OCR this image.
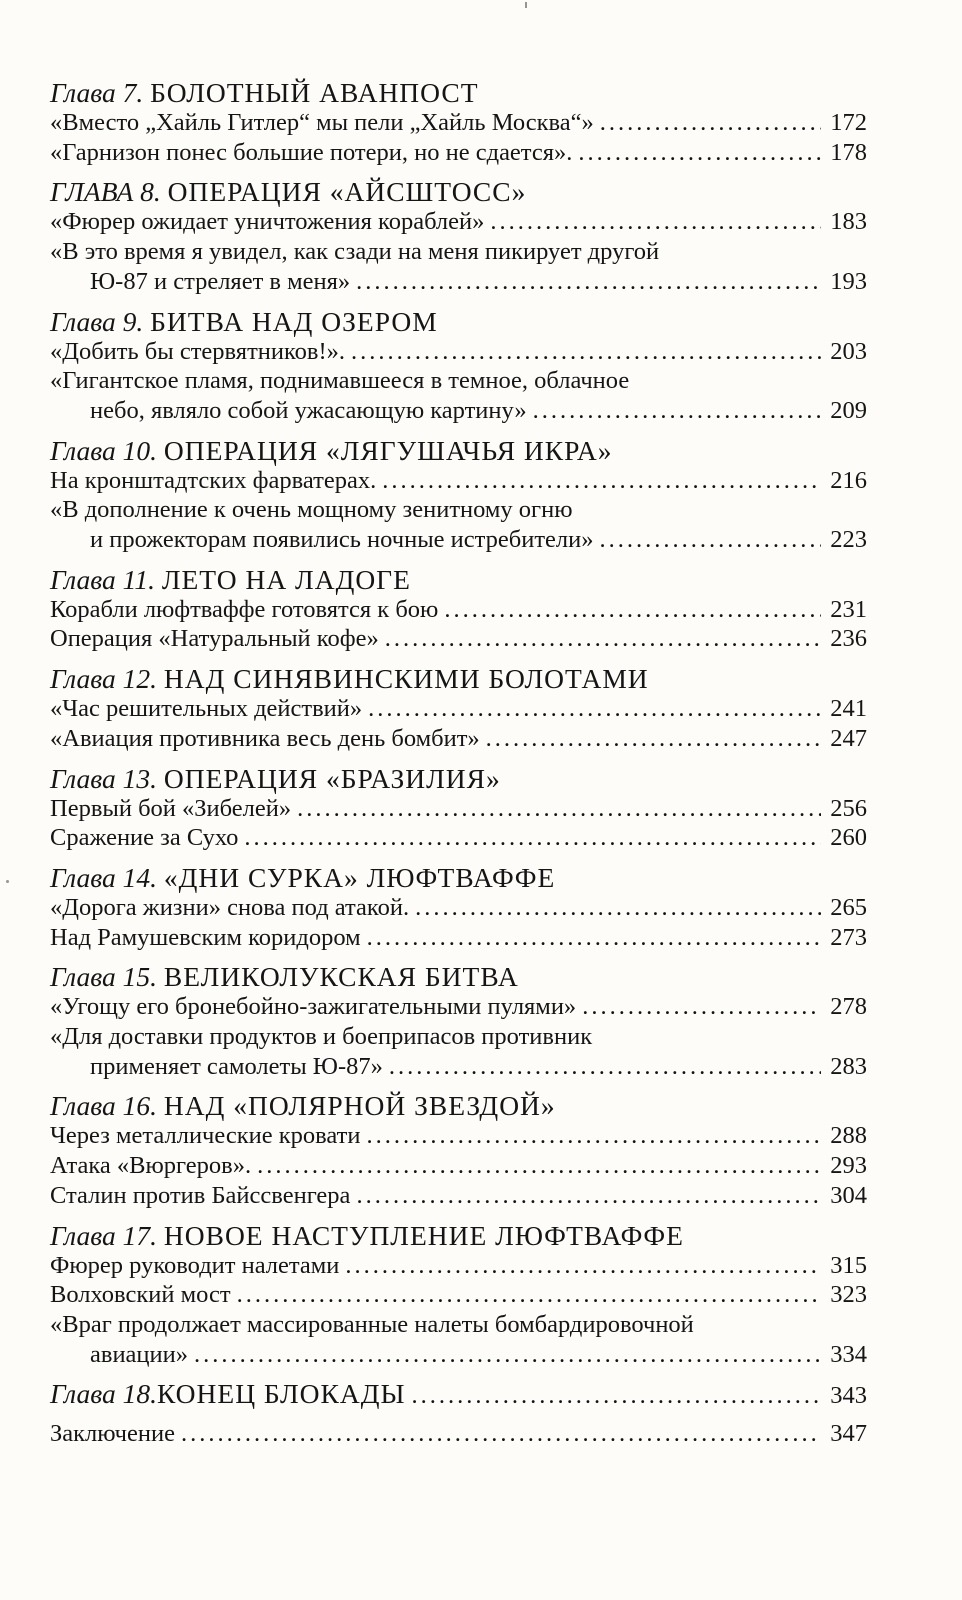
Глава 7. БОЛОТНЫЙ АВАНПОСТ
«Вместо „Хайль Гитлер“ мы пели „Хайль Москва“» .....	172
«Гарнизон понес большие потери, но не сдается». .....	178
ГЛАВА 8. ОПЕРАЦИЯ «АЙСШТОСС»
«Фюрер ожидает уничтожения кораблей» .....	183
«В это время я увидел, как сзади на меня пикирует другой
Ю-87 и стреляет в меня» .....	193
Глава 9. БИТВА НАД ОЗЕРОМ
«Добить бы стервятников!». .....	203
«Гигантское пламя, поднимавшееся в темное, облачное
небо, являло собой ужасающую картину» .....	209
Глава 10. ОПЕРАЦИЯ «ЛЯГУШАЧЬЯ ИКРА»
На кронштадтских фарватерах. .....	216
«В дополнение к очень мощному зенитному огню
и прожекторам появились ночные истребители» .....	223
Глава 11. ЛЕТО НА ЛАДОГЕ
Корабли люфтваффе готовятся к бою .....	231
Операция «Натуральный кофе» .....	236
Глава 12. НАД СИНЯВИНСКИМИ БОЛОТАМИ
«Час решительных действий» .....	241
«Авиация противника весь день бомбит» .....	247
Глава 13. ОПЕРАЦИЯ «БРАЗИЛИЯ»
Первый бой «Зибелей» .....	256
Сражение за Сухо .....	260
Глава 14. «ДНИ СУРКА» ЛЮФТВАФФЕ
«Дорога жизни» снова под атакой. .....	265
Над Рамушевским коридором .....	273
Глава 15. ВЕЛИКОЛУКСКАЯ БИТВА
«Угощу его бронебойно-зажигательными пулями» .....	278
«Для доставки продуктов и боеприпасов противник
применяет самолеты Ю-87» .....	283
Глава 16. НАД «ПОЛЯРНОЙ ЗВЕЗДОЙ»
Через металлические кровати .....	288
Атака «Вюргеров». .....	293
Сталин против Байссвенгера .....	304
Глава 17. НОВОЕ НАСТУПЛЕНИЕ ЛЮФТВАФФЕ
Фюрер руководит налетами .....	315
Волховский мост .....	323
«Враг продолжает массированные налеты бомбардировочной
авиации» .....	334
Глава 18. КОНЕЦ БЛОКАДЫ .....	343
Заключение .....	347
